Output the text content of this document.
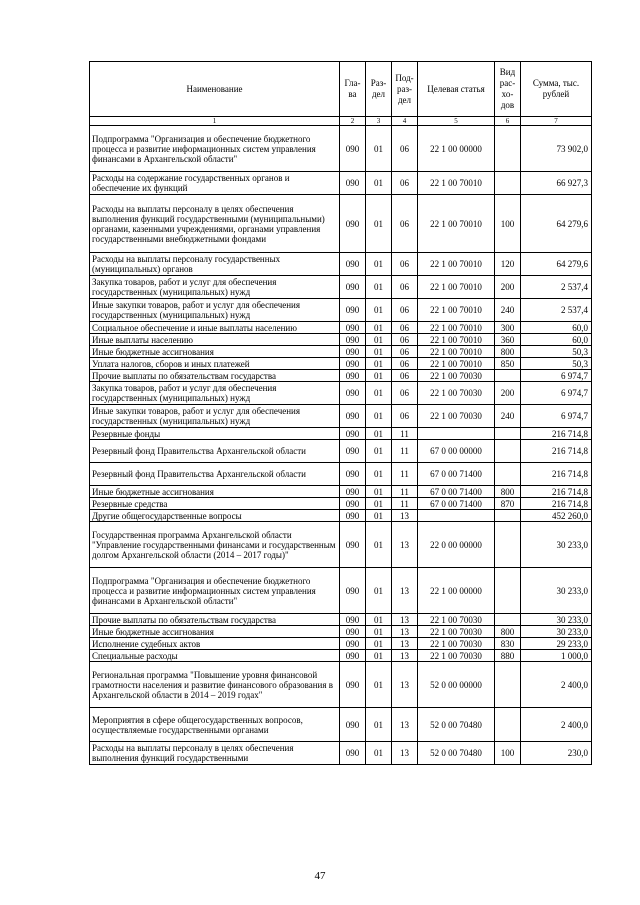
Наименование	Гла-ва	Раз-дел	Под-раз-дел	Целевая статья	Вид рас-хо-дов	Сумма, тыс. рублей
1	2	3	4	5	6	7
Подпрограмма "Организация и обеспечение бюджетного процесса и развитие информационных систем управления финансами в Архангельской области"	090	01	06	22 1 00 00000		73 902,0
Расходы на содержание государственных органов и обеспечение их функций	090	01	06	22 1 00 70010		66 927,3
Расходы на выплаты персоналу в целях обеспечения выполнения функций государственными (муниципальными) органами, казенными учреждениями, органами управления государственными внебюджетными фондами	090	01	06	22 1 00 70010	100	64 279,6
Расходы на выплаты персоналу государственных (муниципальных) органов	090	01	06	22 1 00 70010	120	64 279,6
Закупка товаров, работ и услуг для обеспечения государственных (муниципальных) нужд	090	01	06	22 1 00 70010	200	2 537,4
Иные закупки товаров, работ и услуг для обеспечения государственных (муниципальных) нужд	090	01	06	22 1 00 70010	240	2 537,4
Социальное обеспечение и иные выплаты населению	090	01	06	22 1 00 70010	300	60,0
Иные выплаты населению	090	01	06	22 1 00 70010	360	60,0
Иные бюджетные ассигнования	090	01	06	22 1 00 70010	800	50,3
Уплата налогов, сборов и иных платежей	090	01	06	22 1 00 70010	850	50,3
Прочие выплаты по обязательствам государства	090	01	06	22 1 00 70030		6 974,7
Закупка товаров, работ и услуг для обеспечения государственных (муниципальных) нужд	090	01	06	22 1 00 70030	200	6 974,7
Иные закупки товаров, работ и услуг для обеспечения государственных (муниципальных) нужд	090	01	06	22 1 00 70030	240	6 974,7
Резервные фонды	090	01	11			216 714,8
Резервный фонд Правительства Архангельской области	090	01	11	67 0 00 00000		216 714,8
Резервный фонд Правительства Архангельской области	090	01	11	67 0 00 71400		216 714,8
Иные бюджетные ассигнования	090	01	11	67 0 00 71400	800	216 714,8
Резервные средства	090	01	11	67 0 00 71400	870	216 714,8
Другие общегосударственные вопросы	090	01	13			452 260,0
Государственная программа Архангельской области "Управление государственными финансами и государственным долгом Архангельской области (2014 – 2017 годы)"	090	01	13	22 0 00 00000		30 233,0
Подпрограмма "Организация и обеспечение бюджетного процесса и развитие информационных систем управления финансами в Архангельской области"	090	01	13	22 1 00 00000		30 233,0
Прочие выплаты по обязательствам государства	090	01	13	22 1 00 70030		30 233,0
Иные бюджетные ассигнования	090	01	13	22 1 00 70030	800	30 233,0
Исполнение судебных актов	090	01	13	22 1 00 70030	830	29 233,0
Специальные расходы	090	01	13	22 1 00 70030	880	1 000,0
Региональная программа "Повышение уровня финансовой грамотности населения и развитие финансового образования в Архангельской области в 2014 – 2019 годах"	090	01	13	52 0 00 00000		2 400,0
Мероприятия в сфере общегосударственных вопросов, осуществляемые государственными органами	090	01	13	52 0 00 70480		2 400,0
Расходы на выплаты персоналу в целях обеспечения выполнения функций государственными	090	01	13	52 0 00 70480	100	230,0
47
